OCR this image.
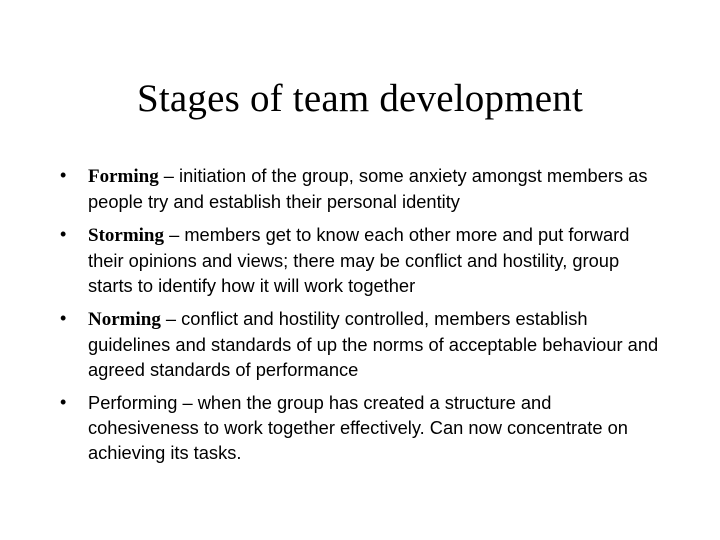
Stages of team development
• Forming – initiation of the group, some anxiety amongst members as people try and establish their personal identity
• Storming – members get to know each other more and put forward their opinions and views; there may be conflict and hostility, group starts to identify how it will work together
• Norming – conflict and hostility controlled, members establish guidelines and standards of up the norms of acceptable behaviour and agreed standards of performance
• Performing – when the group has created a structure and cohesiveness to work together effectively. Can now concentrate on achieving its tasks.
